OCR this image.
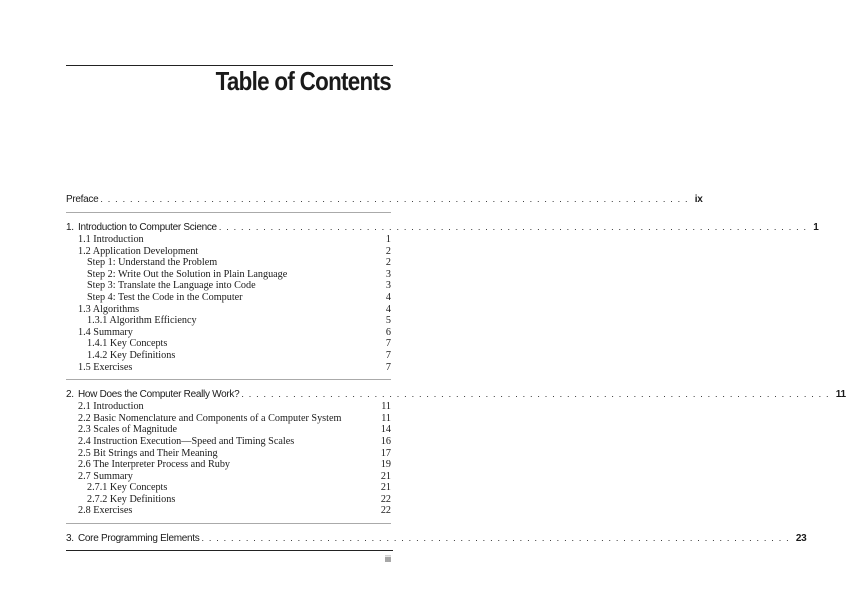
Table of Contents
Preface . . . . . . . . . . . . . . . . . . . . . . . . . . . . . . . . . . . . . . . . . . . . . . . . . . . . . . . . . . . . . . . . . . . . . . . . . . . . . . . . ix
1. Introduction to Computer Science . . . . . . . . . . . . . . . . . . . . . . . . . . . . . . . . . . . . . . . . . . . . . . . . . . . . . . . . . . . . . . . . . . . . . . . . . . . . . . . . 1
1.1 Introduction	1
1.2 Application Development	2
Step 1: Understand the Problem	2
Step 2: Write Out the Solution in Plain Language	3
Step 3: Translate the Language into Code	3
Step 4: Test the Code in the Computer	4
1.3 Algorithms	4
1.3.1 Algorithm Efficiency	5
1.4 Summary	6
1.4.1 Key Concepts	7
1.4.2 Key Definitions	7
1.5 Exercises	7
2. How Does the Computer Really Work? . . . . . . . . . . . . . . . . . . . . . . . . . . . . . . . . . . . . . . . . . . . . . . . . . . . . . . . . . . . . . . . . . . . . . . . . . . . . . . . . 11
2.1 Introduction	11
2.2 Basic Nomenclature and Components of a Computer System	11
2.3 Scales of Magnitude	14
2.4 Instruction Execution—Speed and Timing Scales	16
2.5 Bit Strings and Their Meaning	17
2.6 The Interpreter Process and Ruby	19
2.7 Summary	21
2.7.1 Key Concepts	21
2.7.2 Key Definitions	22
2.8 Exercises	22
3. Core Programming Elements . . . . . . . . . . . . . . . . . . . . . . . . . . . . . . . . . . . . . . . . . . . . . . . . . . . . . . . . . . . . . . . . . . . . . . . . . . . . . . . . 23
iii
